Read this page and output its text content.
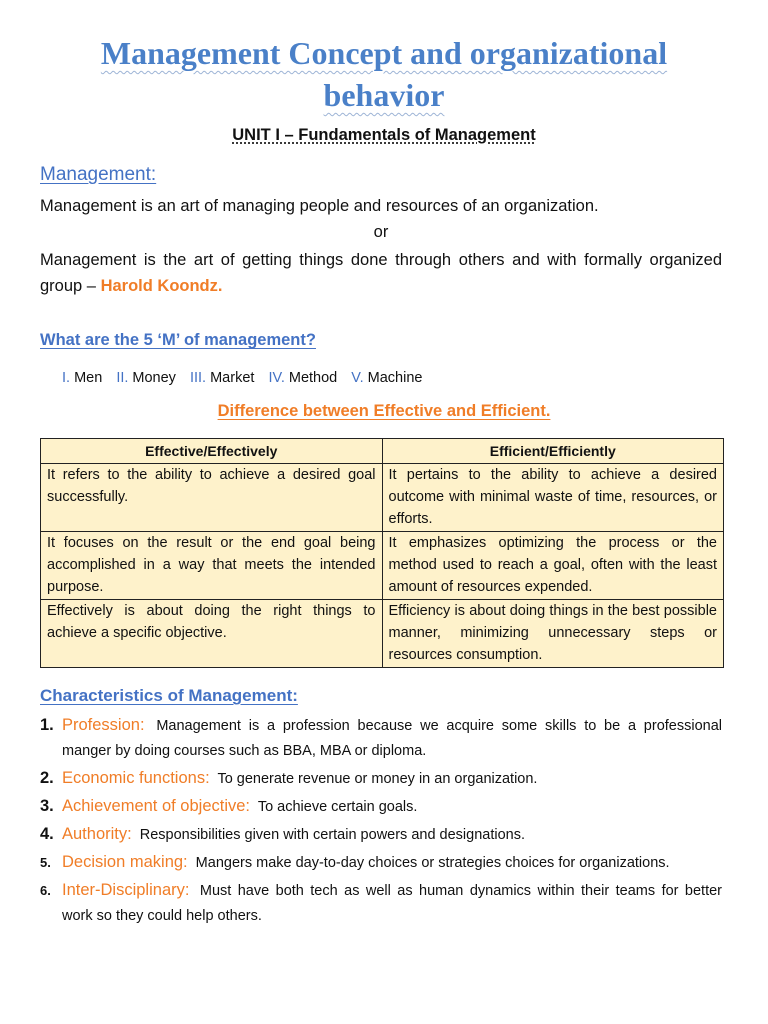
Management Concept and organizational behavior
UNIT I – Fundamentals of Management
Management:

Management is an art of managing people and resources of an organization.

or

Management is the art of getting things done through others and with formally organized group – Harold Koondz.

What are the 5 ‘M’ of management?
I. Men II. Money III. Market IV. Method V. Machine
Difference between Effective and Efficient.
Effective/Effectively	Efficient/Efficiently
It refers to the ability to achieve a desired goal successfully.	It pertains to the ability to achieve a desired outcome with minimal waste of time, resources, or efforts.
It focuses on the result or the end goal being accomplished in a way that meets the intended purpose.	It emphasizes optimizing the process or the method used to reach a goal, often with the least amount of resources expended.
Effectively is about doing the right things to achieve a specific objective.	Efficiency is about doing things in the best possible manner, minimizing unnecessary steps or resources consumption.
Characteristics of Management:
1. Profession: Management is a profession because we acquire some skills to be a professional manger by doing courses such as BBA, MBA or diploma.
2. Economic functions: To generate revenue or money in an organization.
3. Achievement of objective: To achieve certain goals.
4. Authority: Responsibilities given with certain powers and designations.
5. Decision making: Mangers make day-to-day choices or strategies choices for organizations.
6. Inter-Disciplinary: Must have both tech as well as human dynamics within their teams for better work so they could help others.
